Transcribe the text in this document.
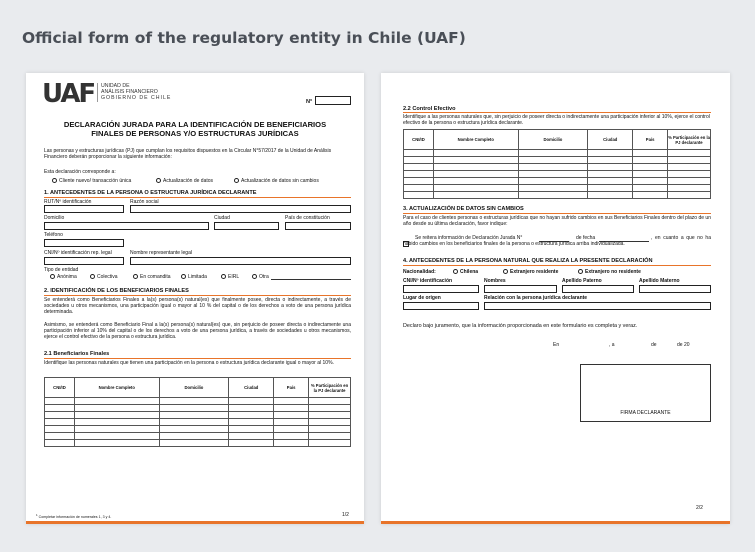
Official form of the regulatory entity in Chile (UAF)
UAF UNIDAD DE
ANÁLISIS FINANCIERO
GOBIERNO DE CHILE
N°
DECLARACIÓN JURADA PARA LA IDENTIFICACIÓN DE BENEFICIARIOS
FINALES DE PERSONAS Y/O ESTRUCTURAS JURÍDICAS
Las personas y estructuras jurídicas (PJ) que cumplan los requisitos dispuestos en la Circular N°57/2017 de la Unidad de Análisis Financiero deberán proporcionar la siguiente información:
Esta declaración corresponde a:
Cliente nuevo/ transacción única	Actualización de datos	Actualización de datos sin cambios
1. ANTECEDENTES DE LA PERSONA O ESTRUCTURA JURÍDICA DECLARANTE
RUT/Nº identificación	Razón social
Domicilio	Ciudad	País de constitución
Teléfono
CNI/Nº identificación rep. legal	Nombre representante legal
Tipo de entidad
Anónima	Colectiva	En comandita	Limitada	EIRL	Otra
2. IDENTIFICACIÓN DE LOS BENEFICIARIOS FINALES
Se entenderá como Beneficiarios Finales a la(s) persona(s) natural(es) que finalmente posee, directa o indirectamente, a través de sociedades u otros mecanismos, una participación igual o mayor al 10 % del capital o de los derechos a voto de una persona jurídica determinada.
Asimismo, se entenderá como Beneficiario Final a la(s) persona(s) natural(es) que, sin perjuicio de poseer directa o indirectamente una participación inferior al 10% del capital o de los derechos a voto de una persona jurídica, a través de sociedades u otros mecanismos, ejerce el control efectivo de la persona o estructura jurídica.
2.1 Beneficiarios Finales
Identifique las personas naturales que tienen una participación en la persona o estructura jurídica declarante igual o mayor al 10%.
CNI/ID	Nombre Completo	Domicilio	Ciudad	País	% Participación en la PJ declarante

$^1$ Completar información de numerales 1, 3 y 4.	1/2
2.2 Control Efectivo
Identifique a las personas naturales que, sin perjuicio de poseer directa o indirectamente una participación inferior al 10%, ejerce el control efectivo de la persona o estructura jurídica declarante.
CNI/ID	Nombre Completo	Domicilio	Ciudad	País	% Participación en la PJ declarante

3. ACTUALIZACIÓN DE DATOS SIN CAMBIOS
Para el caso de clientes personas o estructuras jurídicas que no hayan sufrido cambios en sus Beneficiarios Finales dentro del plazo de un año desde su última declaración, favor indique:
Se reitera información de Declaración Jurada N°	de fecha	, en cuanto a que no ha habido cambios en los beneficiarios finales de la persona o estructura jurídica arriba individualizada.
4. ANTECEDENTES DE LA PERSONA NATURAL QUE REALIZA LA PRESENTE DECLARACIÓN
Nacionalidad:	Chilena	Extranjero residente	Extranjero no residente
CNI/Nº identificación	Nombres	Apellido Paterno	Apellido Materno
Lugar de origen	Relación con la persona jurídica declarante
Declaro bajo juramento, que la información proporcionada en este formulario es completa y veraz.
En	, a	de	de 20
FIRMA DECLARANTE
2/2
